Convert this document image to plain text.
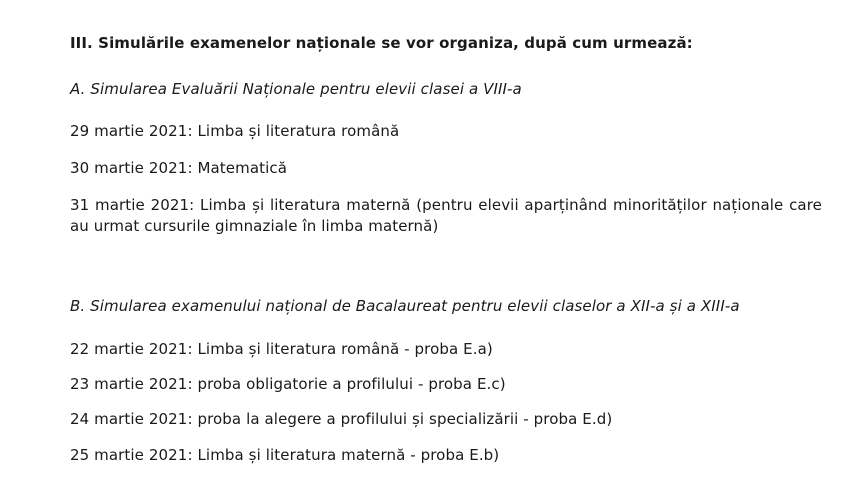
III. Simulările examenelor naționale se vor organiza, după cum urmează:
A. Simularea Evaluării Naționale pentru elevii clasei a VIII-a
29 martie 2021: Limba și literatura română
30 martie 2021: Matematică
31 martie 2021: Limba și literatura maternă (pentru elevii aparținând minorităților naționale care au urmat cursurile gimnaziale în limba maternă)
B. Simularea examenului național de Bacalaureat pentru elevii claselor a XII-a și a XIII-a
22 martie 2021: Limba și literatura română - proba E.a)
23 martie 2021: proba obligatorie a profilului - proba E.c)
24 martie 2021: proba la alegere a profilului și specializării - proba E.d)
25 martie 2021: Limba și literatura maternă - proba E.b)
